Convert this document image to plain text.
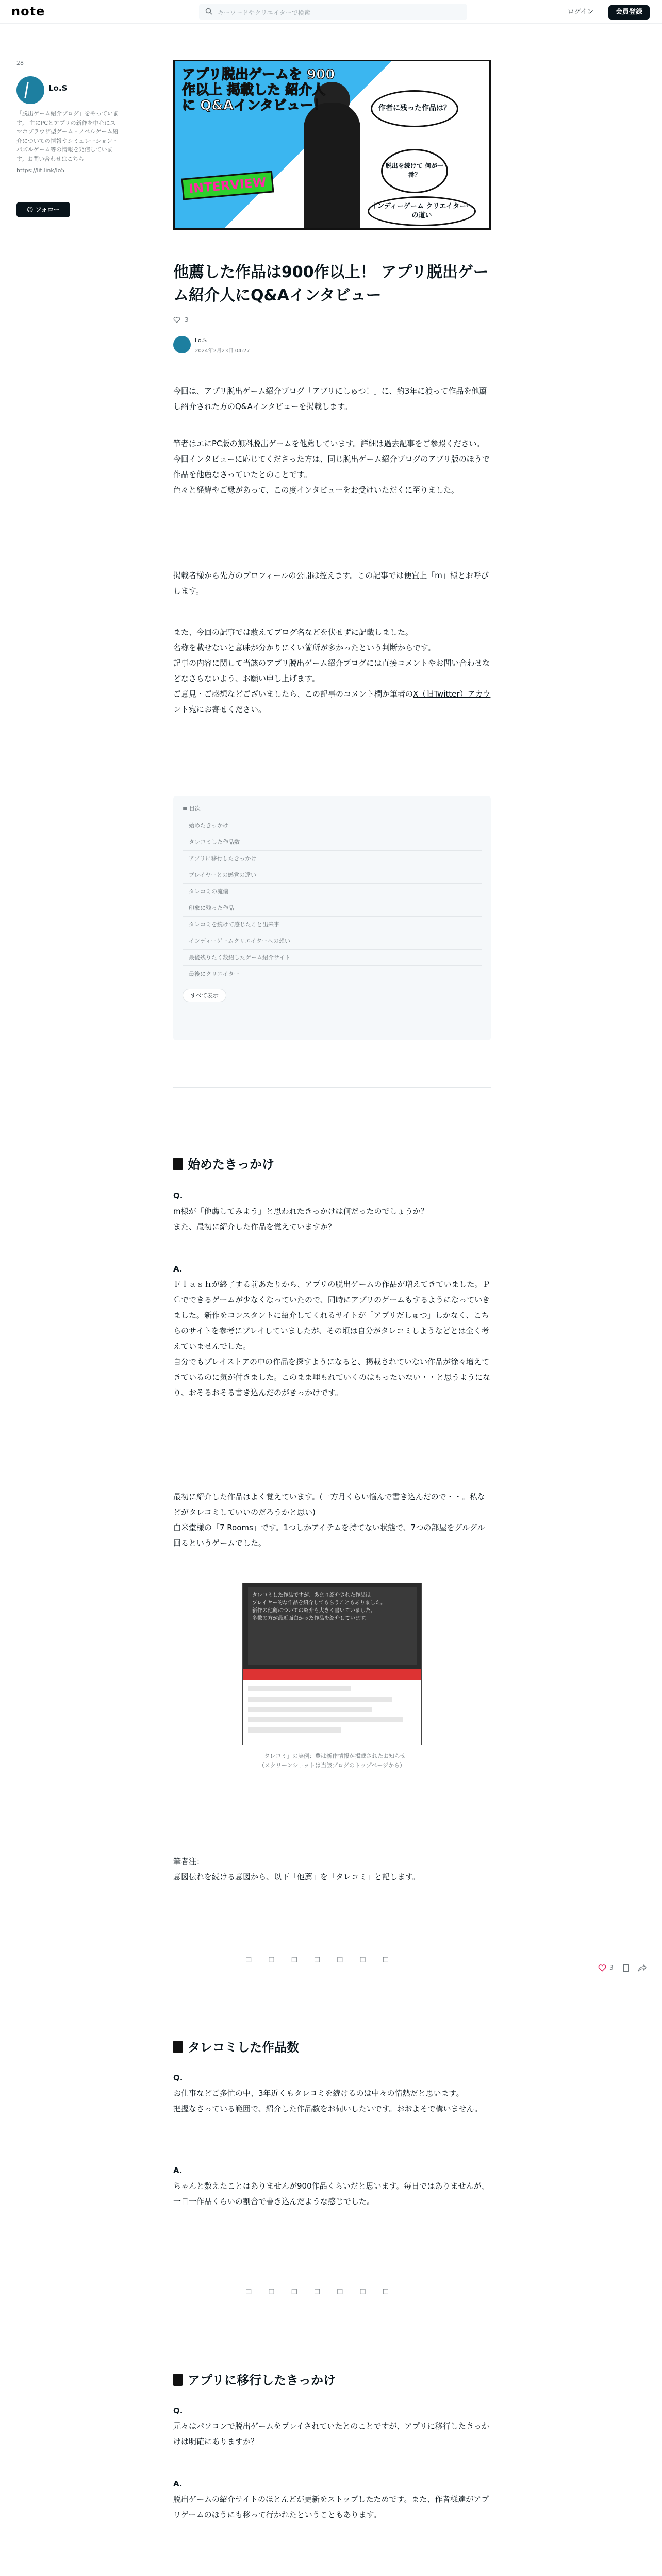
note	キーワードやクリエイターで検索	ログイン	会員登録
28
Lo.S
「脱出ゲーム紹介ブログ」をやっています。 主にPCとアプリの新作を中心にスマホブラウザ型ゲーム・ノベルゲーム紹介についての情報やシミュレーション・パズルゲーム等の情報を発信しています。お問い合わせはこちら
https://lit.link/lo5
☺ フォロー
アプリ脱出ゲームを 900作以上 掲載した 紹介人に Q&Aインタビュー！
INTERVIEW
作者に残った作品は？
脱出を続けて 何が一番？
インディーゲーム クリエイターへの道い
他薦した作品は900作以上！ アプリ脱出ゲーム紹介人にQ&Aインタビュー
3
Lo.S
2024年2月23日 04:27

今回は、アプリ脱出ゲーム紹介ブログ「アプリにしゅつ！」に、約3年に渡って作品を他薦し紹介された方のQ&Aインタビューを掲載します。

筆者はエにPC版の無料脱出ゲームを他薦しています。詳細は過去記事をご参照ください。
今回インタビューに応じてくださった方は、同じ脱出ゲーム紹介ブログのアプリ版のほうで作品を他薦なさっていたとのことです。
色々と経緯やご縁があって、この度インタビューをお受けいただくに至りました。

掲載者様から先方のプロフィールの公開は控えます。この記事では便宜上「m」様とお呼びします。

また、今回の記事では敢えてブログ名などを伏せずに記載しました。
名称を載せないと意味が分かりにくい箇所が多かったという判断からです。
記事の内容に関して当該のアプリ脱出ゲーム紹介ブログには直接コメントやお問い合わせなどなさらないよう、お願い申し上げます。
ご意見・ご感想などございましたら、この記事のコメント欄か筆者のX（旧Twitter）アカウント宛にお寄せください。

≡ 目次
始めたきっかけ
タレコミした作品数
アプリに移行したきっかけ
プレイヤーとの感覚の違い
タレコミの流儀
印象に残った作品
タレコミを続けて感じたこと出来事
インディーゲームクリエイターへの想い
最後残りたく数紹したゲーム紹介サイト
最後にクリエイター
すべて表示
始めたきっかけ

Q.
m様が「他薦してみよう」と思われたきっかけは何だったのでしょうか？
また、最初に紹介した作品を覚えていますか？

A.
Ｆｌａｓｈが終了する前あたりから、アプリの脱出ゲームの作品が増えてきていました。ＰＣでできるゲームが少なくなっていたので、同時にアプリのゲームもするようになっていきました。新作をコンスタントに紹介してくれるサイトが「アプリだしゅつ」しかなく、こちらのサイトを参考にプレイしていましたが、その頃は自分がタレコミしようなどとは全く考えていませんでした。
自分でもプレイストアの中の作品を探すようになると、掲載されていない作品が徐々増えてきているのに気が付きました。このまま埋もれていくのはもったいない・・と思うようになり、おそるおそる書き込んだのがきっかけです。

最初に紹介した作品はよく覚えています。(一方月くらい悩んで書き込んだので・・。私などがタレコミしていいのだろうかと思い)
白米堂様の「7 Rooms」です。1つしかアイテムを持てない状態で、7つの部屋をグルグル回るというゲームでした。

タレコミした作品ですが、あまり紹介された作品は
プレイヤー的な作品を紹介してもらうこともありました。
新作の他薦についての紹介も大きく書いていました。
多数の方が最近面白かった作品を紹介しています。
「タレコミ」の実例：豊は新作情報が掲載されたお知らせ
（スクリーンショットは当該ブログのトップページから）

筆者注：
意図伝れを続ける意図から、以下「他薦」を「タレコミ」と記します。

□□□□□□□
3
タレコミした作品数

Q.
お仕事などご多忙の中、3年近くもタレコミを続けるのは中々の情熱だと思います。
把握なさっている範囲で、紹介した作品数をお伺いしたいです。おおよそで構いません。

A.
ちゃんと数えたことはありませんが900作品くらいだと思います。毎日ではありませんが、一日一作品くらいの割合で書き込んだような感じでした。

□□□□□□□
アプリに移行したきっかけ

Q.
元々はパソコンで脱出ゲームをプレイされていたとのことですが、アプリに移行したきっかけは明確にありますか？

A.
脱出ゲームの紹介サイトのほとんどが更新をストップしたためです。また、作者様達がアプリゲームのほうにも移って行かれたということもあります。
